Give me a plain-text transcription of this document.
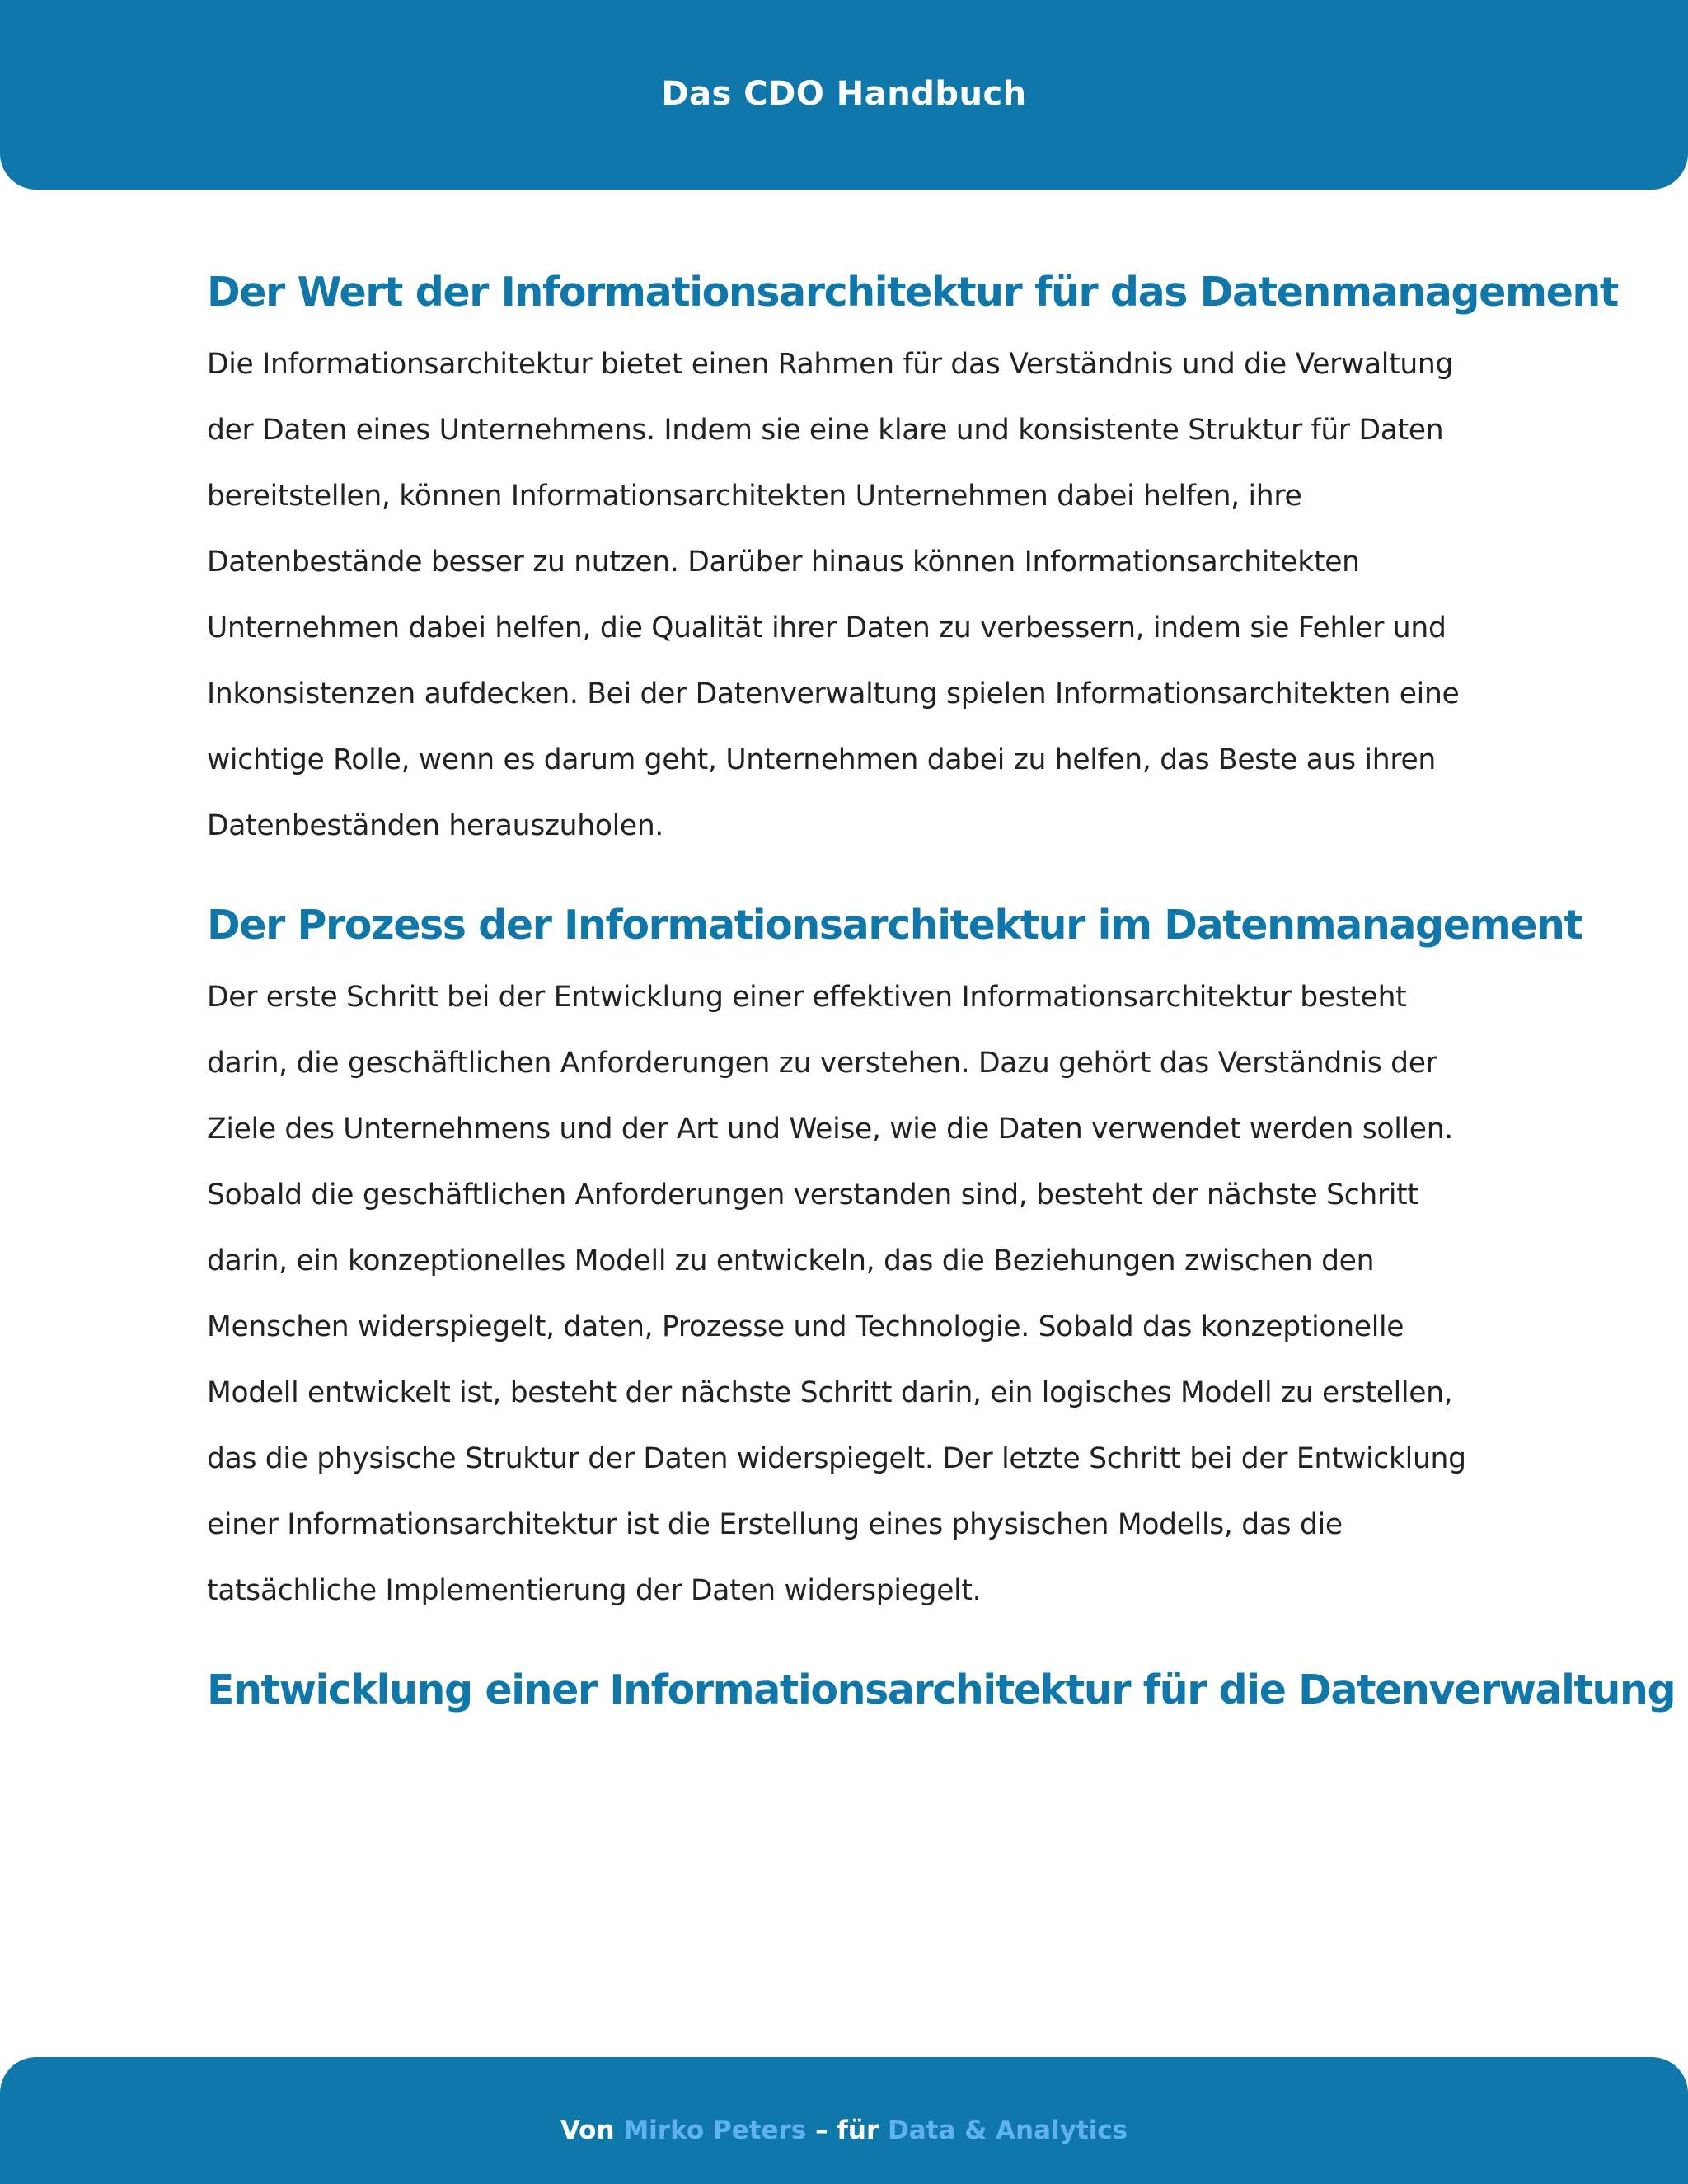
Das CDO Handbuch
Der Wert der Informationsarchitektur für das Datenmanagement

Die Informationsarchitektur bietet einen Rahmen für das Verständnis und die Verwaltung der Daten eines Unternehmens. Indem sie eine klare und konsistente Struktur für Daten bereitstellen, können Informationsarchitekten Unternehmen dabei helfen, ihre Datenbestände besser zu nutzen. Darüber hinaus können Informationsarchitekten Unternehmen dabei helfen, die Qualität ihrer Daten zu verbessern, indem sie Fehler und Inkonsistenzen aufdecken. Bei der Datenverwaltung spielen Informationsarchitekten eine wichtige Rolle, wenn es darum geht, Unternehmen dabei zu helfen, das Beste aus ihren Datenbeständen herauszuholen.

Der Prozess der Informationsarchitektur im Datenmanagement

Der erste Schritt bei der Entwicklung einer effektiven Informationsarchitektur besteht darin, die geschäftlichen Anforderungen zu verstehen. Dazu gehört das Verständnis der Ziele des Unternehmens und der Art und Weise, wie die Daten verwendet werden sollen. Sobald die geschäftlichen Anforderungen verstanden sind, besteht der nächste Schritt darin, ein konzeptionelles Modell zu entwickeln, das die Beziehungen zwischen den Menschen widerspiegelt, daten, Prozesse und Technologie. Sobald das konzeptionelle Modell entwickelt ist, besteht der nächste Schritt darin, ein logisches Modell zu erstellen, das die physische Struktur der Daten widerspiegelt. Der letzte Schritt bei der Entwicklung einer Informationsarchitektur ist die Erstellung eines physischen Modells, das die tatsächliche Implementierung der Daten widerspiegelt.

Entwicklung einer Informationsarchitektur für die Datenverwaltung
Von Mirko Peters – für Data & Analytics
